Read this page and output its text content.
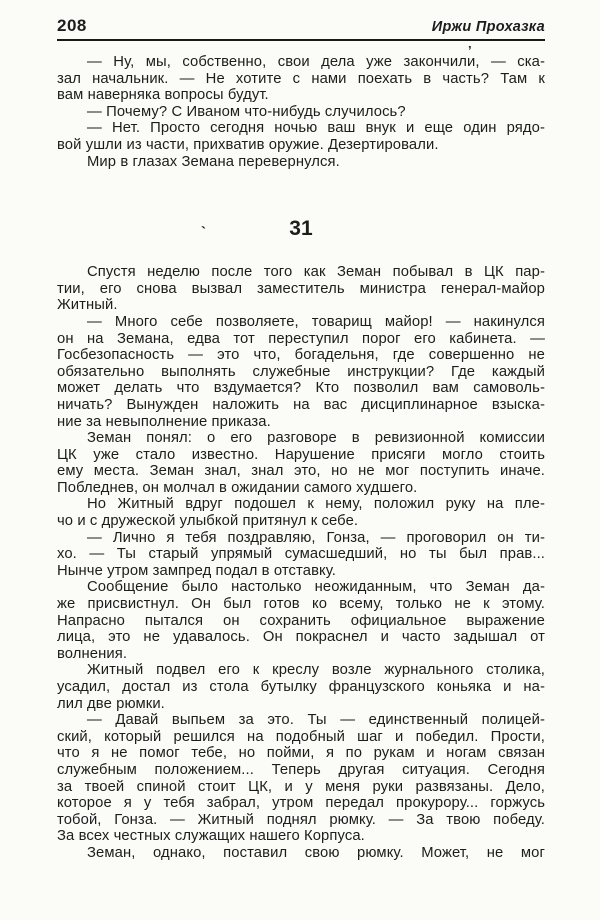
208	Иржи Прохазка
’
— Ну, мы, собственно, свои дела уже закончили, — ска-
зал начальник. — Не хотите с нами поехать в часть? Там к
вам наверняка вопросы будут.
— Почему? С Иваном что-нибудь случилось?
— Нет. Просто сегодня ночью ваш внук и еще один рядо-
вой ушли из части, прихватив оружие. Дезертировали.
Мир в глазах Земана перевернулся.
`	31
Спустя неделю после того как Земан побывал в ЦК пар-
тии, его снова вызвал заместитель министра генерал-майор
Житный.
— Много себе позволяете, товарищ майор! — накинулся
он на Земана, едва тот переступил порог его кабинета. —
Госбезопасность — это что, богадельня, где совершенно не
обязательно выполнять служебные инструкции? Где каждый
может делать что вздумается? Кто позволил вам самоволь-
ничать? Вынужден наложить на вас дисциплинарное взыска-
ние за невыполнение приказа.
Земан понял: о его разговоре в ревизионной комиссии
ЦК уже стало известно. Нарушение присяги могло стоить
ему места. Земан знал, знал это, но не мог поступить иначе.
Побледнев, он молчал в ожидании самого худшего.
Но Житный вдруг подошел к нему, положил руку на пле-
чо и с дружеской улыбкой притянул к себе.
— Лично я тебя поздравляю, Гонза, — проговорил он ти-
хо. — Ты старый упрямый сумасшедший, но ты был прав...
Нынче утром зампред подал в отставку.
Сообщение было настолько неожиданным, что Земан да-
же присвистнул. Он был готов ко всему, только не к этому.
Напрасно пытался он сохранить официальное выражение
лица, это не удавалось. Он покраснел и часто задышал от
волнения.
Житный подвел его к креслу возле журнального столика,
усадил, достал из стола бутылку французского коньяка и на-
лил две рюмки.
— Давай выпьем за это. Ты — единственный полицей-
ский, который решился на подобный шаг и победил. Прости,
что я не помог тебе, но пойми, я по рукам и ногам связан
служебным положением... Теперь другая ситуация. Сегодня
за твоей спиной стоит ЦК, и у меня руки развязаны. Дело,
которое я у тебя забрал, утром передал прокурору... горжусь
тобой, Гонза. — Житный поднял рюмку. — За твою победу.
За всех честных служащих нашего Корпуса.
Земан, однако, поставил свою рюмку. Может, не мог
